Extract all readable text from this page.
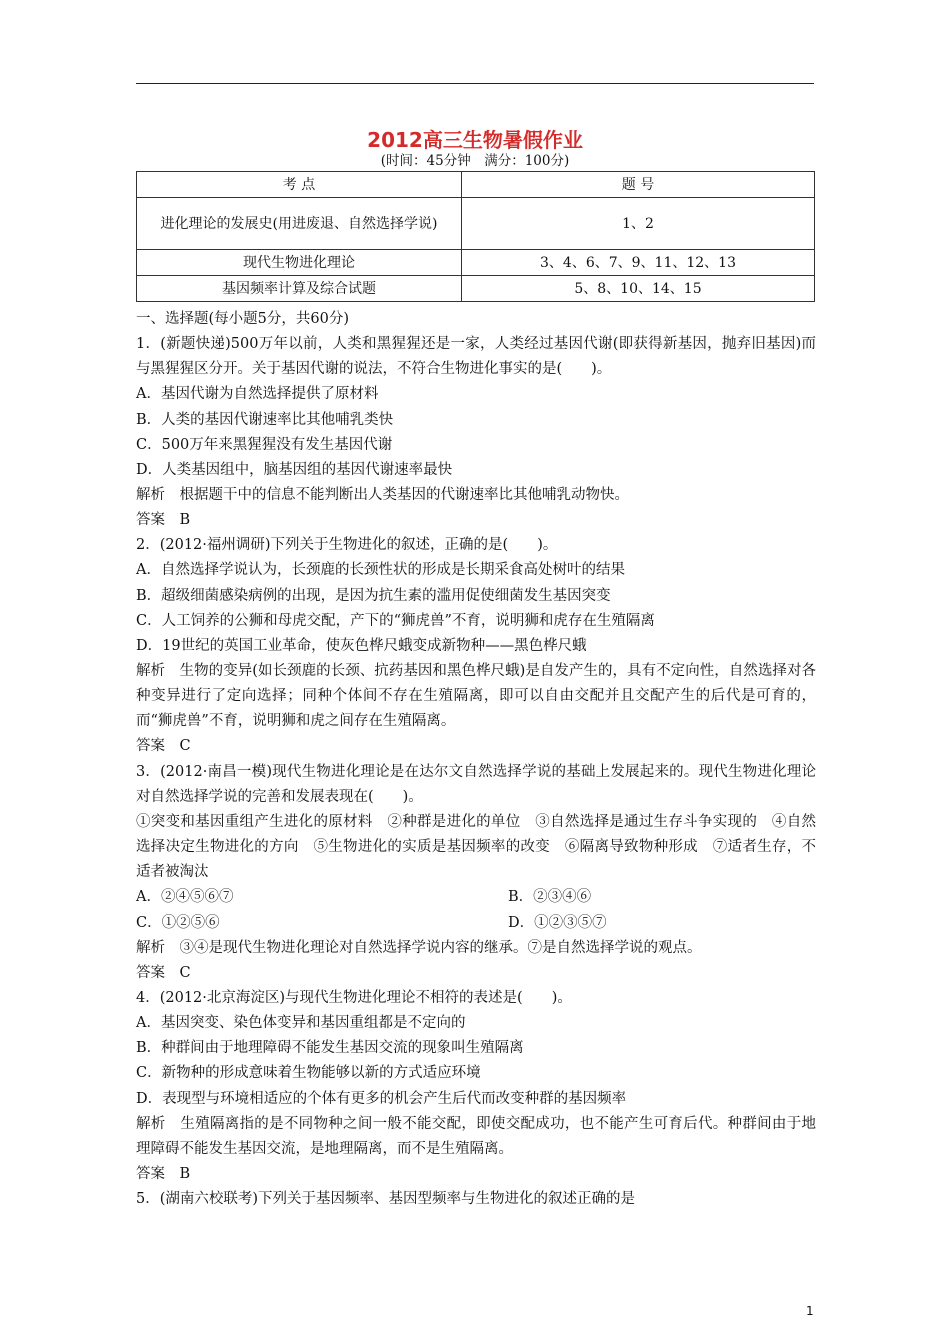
2012高三生物暑假作业
(时间：45分钟　满分：100分)
考 点	题 号
进化理论的发展史(用进废退、自然选择学说)	1、2
现代生物进化理论	3、4、6、7、9、11、12、13
基因频率计算及综合试题	5、8、10、14、15
一、选择题(每小题5分，共60分)
1．(新题快递)500万年以前，人类和黑猩猩还是一家，人类经过基因代谢(即获得新基因，抛弃旧基因)而与黑猩猩区分开。关于基因代谢的说法，不符合生物进化事实的是(　　)。
A．基因代谢为自然选择提供了原材料
B．人类的基因代谢速率比其他哺乳类快
C．500万年来黑猩猩没有发生基因代谢
D．人类基因组中，脑基因组的基因代谢速率最快
解析　根据题干中的信息不能判断出人类基因的代谢速率比其他哺乳动物快。
答案　B
2．(2012·福州调研)下列关于生物进化的叙述，正确的是(　　)。
A．自然选择学说认为，长颈鹿的长颈性状的形成是长期采食高处树叶的结果
B．超级细菌感染病例的出现，是因为抗生素的滥用促使细菌发生基因突变
C．人工饲养的公狮和母虎交配，产下的“狮虎兽”不育，说明狮和虎存在生殖隔离
D．19世纪的英国工业革命，使灰色桦尺蛾变成新物种——黑色桦尺蛾
解析　生物的变异(如长颈鹿的长颈、抗药基因和黑色桦尺蛾)是自发产生的，具有不定向性，自然选择对各种变异进行了定向选择；同种个体间不存在生殖隔离，即可以自由交配并且交配产生的后代是可育的，而“狮虎兽”不育，说明狮和虎之间存在生殖隔离。
答案　C
3．(2012·南昌一模)现代生物进化理论是在达尔文自然选择学说的基础上发展起来的。现代生物进化理论对自然选择学说的完善和发展表现在(　　)。
①突变和基因重组产生进化的原材料　②种群是进化的单位　③自然选择是通过生存斗争实现的　④自然选择决定生物进化的方向　⑤生物进化的实质是基因频率的改变　⑥隔离导致物种形成　⑦适者生存，不适者被淘汰
A．②④⑤⑥⑦	B．②③④⑥
C．①②⑤⑥	D．①②③⑤⑦
解析　③④是现代生物进化理论对自然选择学说内容的继承。⑦是自然选择学说的观点。
答案　C
4．(2012·北京海淀区)与现代生物进化理论不相符的表述是(　　)。
A．基因突变、染色体变异和基因重组都是不定向的
B．种群间由于地理障碍不能发生基因交流的现象叫生殖隔离
C．新物种的形成意味着生物能够以新的方式适应环境
D．表现型与环境相适应的个体有更多的机会产生后代而改变种群的基因频率
解析　生殖隔离指的是不同物种之间一般不能交配，即使交配成功，也不能产生可育后代。种群间由于地理障碍不能发生基因交流，是地理隔离，而不是生殖隔离。
答案　B
5．(湖南六校联考)下列关于基因频率、基因型频率与生物进化的叙述正确的是
1
